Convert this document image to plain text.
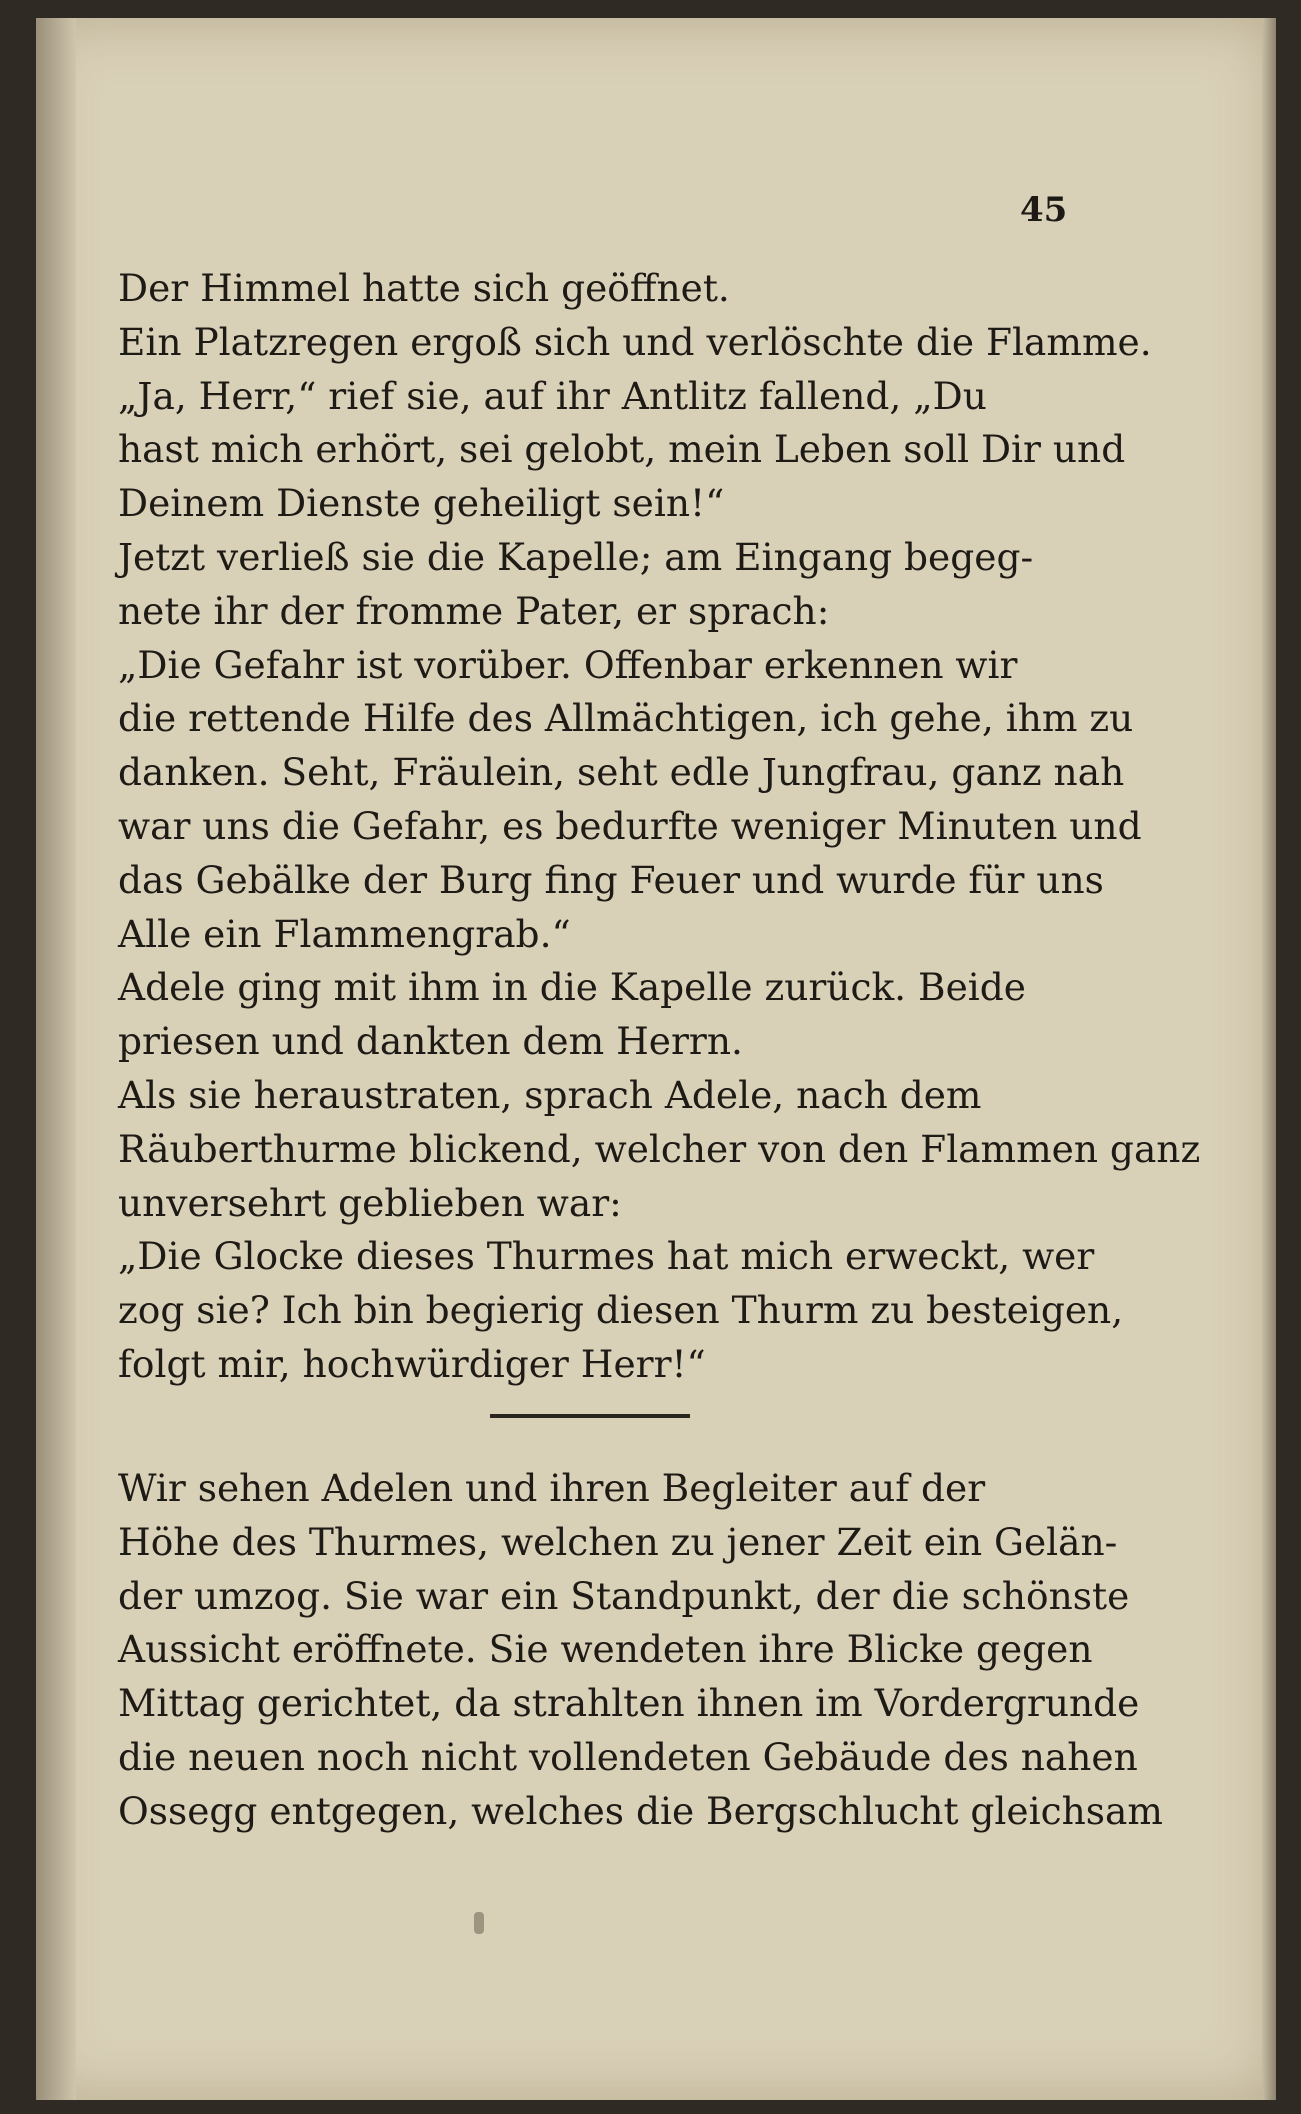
45
Der Himmel hatte sich geöffnet.
Ein Platzregen ergoß sich und verlöschte die Flamme.
„Ja, Herr,“ rief sie, auf ihr Antlitz fallend, „Du
hast mich erhört, sei gelobt, mein Leben soll Dir und
Deinem Dienste geheiligt sein!“
Jetzt verließ sie die Kapelle; am Eingang begeg-
nete ihr der fromme Pater, er sprach:
„Die Gefahr ist vorüber. Offenbar erkennen wir
die rettende Hilfe des Allmächtigen, ich gehe, ihm zu
danken. Seht, Fräulein, seht edle Jungfrau, ganz nah
war uns die Gefahr, es bedurfte weniger Minuten und
das Gebälke der Burg fing Feuer und wurde für uns
Alle ein Flammengrab.“
Adele ging mit ihm in die Kapelle zurück. Beide
priesen und dankten dem Herrn.
Als sie heraustraten, sprach Adele, nach dem
Räuberthurme blickend, welcher von den Flammen ganz
unversehrt geblieben war:
„Die Glocke dieses Thurmes hat mich erweckt, wer
zog sie? Ich bin begierig diesen Thurm zu besteigen,
folgt mir, hochwürdiger Herr!“
Wir sehen Adelen und ihren Begleiter auf der
Höhe des Thurmes, welchen zu jener Zeit ein Gelän-
der umzog. Sie war ein Standpunkt, der die schönste
Aussicht eröffnete. Sie wendeten ihre Blicke gegen
Mittag gerichtet, da strahlten ihnen im Vordergrunde
die neuen noch nicht vollendeten Gebäude des nahen
Ossegg entgegen, welches die Bergschlucht gleichsam
